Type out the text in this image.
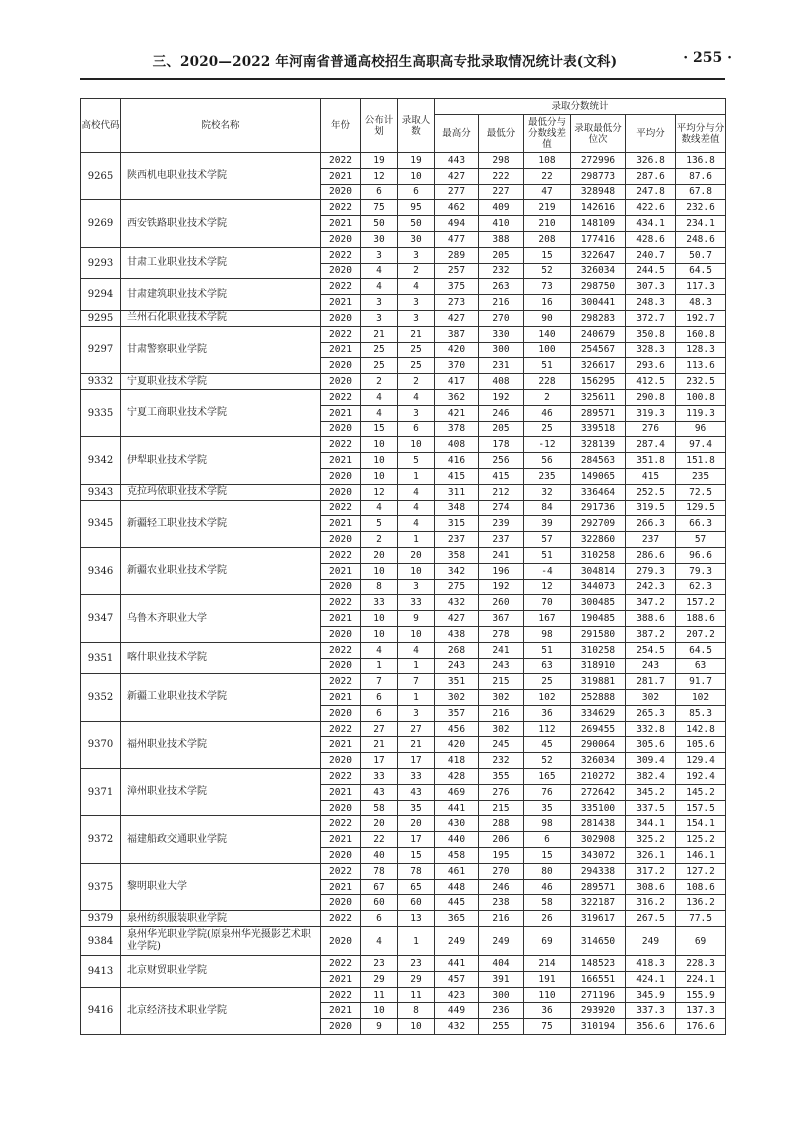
三、2020—2022 年河南省普通高校招生高职高专批录取情况统计表(文科)	· 255 ·
高校代码	院校名称	年份	公布计划	录取人数	录取分数统计					
					最高分	最低分	最低分与分数线差值	录取最低分位次	平均分	平均分与分数线差值
9265	陕西机电职业技术学院	2022	19	19	443	298	108	272996	326.8	136.8
		2021	12	10	427	222	22	298773	287.6	87.6
		2020	6	6	277	227	47	328948	247.8	67.8
9269	西安铁路职业技术学院	2022	75	95	462	409	219	142616	422.6	232.6
		2021	50	50	494	410	210	148109	434.1	234.1
		2020	30	30	477	388	208	177416	428.6	248.6
9293	甘肃工业职业技术学院	2022	3	3	289	205	15	322647	240.7	50.7
		2020	4	2	257	232	52	326034	244.5	64.5
9294	甘肃建筑职业技术学院	2022	4	4	375	263	73	298750	307.3	117.3
		2021	3	3	273	216	16	300441	248.3	48.3
9295	兰州石化职业技术学院	2020	3	3	427	270	90	298283	372.7	192.7
9297	甘肃警察职业学院	2022	21	21	387	330	140	240679	350.8	160.8
		2021	25	25	420	300	100	254567	328.3	128.3
		2020	25	25	370	231	51	326617	293.6	113.6
9332	宁夏职业技术学院	2020	2	2	417	408	228	156295	412.5	232.5
9335	宁夏工商职业技术学院	2022	4	4	362	192	2	325611	290.8	100.8
		2021	4	3	421	246	46	289571	319.3	119.3
		2020	15	6	378	205	25	339518	276	96
9342	伊犁职业技术学院	2022	10	10	408	178	-12	328139	287.4	97.4
		2021	10	5	416	256	56	284563	351.8	151.8
		2020	10	1	415	415	235	149065	415	235
9343	克拉玛依职业技术学院	2020	12	4	311	212	32	336464	252.5	72.5
9345	新疆轻工职业技术学院	2022	4	4	348	274	84	291736	319.5	129.5
		2021	5	4	315	239	39	292709	266.3	66.3
		2020	2	1	237	237	57	322860	237	57
9346	新疆农业职业技术学院	2022	20	20	358	241	51	310258	286.6	96.6
		2021	10	10	342	196	-4	304814	279.3	79.3
		2020	8	3	275	192	12	344073	242.3	62.3
9347	乌鲁木齐职业大学	2022	33	33	432	260	70	300485	347.2	157.2
		2021	10	9	427	367	167	190485	388.6	188.6
		2020	10	10	438	278	98	291580	387.2	207.2
9351	喀什职业技术学院	2022	4	4	268	241	51	310258	254.5	64.5
		2020	1	1	243	243	63	318910	243	63
9352	新疆工业职业技术学院	2022	7	7	351	215	25	319881	281.7	91.7
		2021	6	1	302	302	102	252888	302	102
		2020	6	3	357	216	36	334629	265.3	85.3
9370	福州职业技术学院	2022	27	27	456	302	112	269455	332.8	142.8
		2021	21	21	420	245	45	290064	305.6	105.6
		2020	17	17	418	232	52	326034	309.4	129.4
9371	漳州职业技术学院	2022	33	33	428	355	165	210272	382.4	192.4
		2021	43	43	469	276	76	272642	345.2	145.2
		2020	58	35	441	215	35	335100	337.5	157.5
9372	福建船政交通职业学院	2022	20	20	430	288	98	281438	344.1	154.1
		2021	22	17	440	206	6	302908	325.2	125.2
		2020	40	15	458	195	15	343072	326.1	146.1
9375	黎明职业大学	2022	78	78	461	270	80	294338	317.2	127.2
		2021	67	65	448	246	46	289571	308.6	108.6
		2020	60	60	445	238	58	322187	316.2	136.2
9379	泉州纺织服装职业学院	2022	6	13	365	216	26	319617	267.5	77.5
9384	泉州华光职业学院(原泉州华光摄影艺术职业学院)	2020	4	1	249	249	69	314650	249	69
9413	北京财贸职业学院	2022	23	23	441	404	214	148523	418.3	228.3
		2021	29	29	457	391	191	166551	424.1	224.1
9416	北京经济技术职业学院	2022	11	11	423	300	110	271196	345.9	155.9
		2021	10	8	449	236	36	293920	337.3	137.3
		2020	9	10	432	255	75	310194	356.6	176.6
